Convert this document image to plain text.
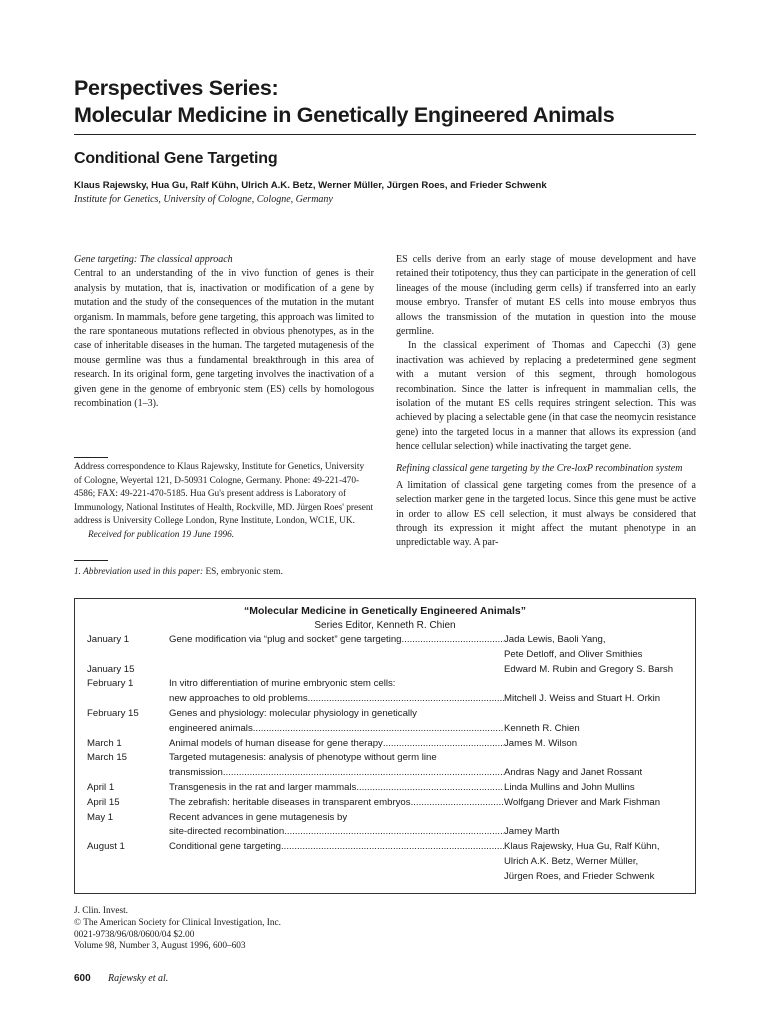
Perspectives Series:
Molecular Medicine in Genetically Engineered Animals
Conditional Gene Targeting
Klaus Rajewsky, Hua Gu, Ralf Kühn, Ulrich A.K. Betz, Werner Müller, Jürgen Roes, and Frieder Schwenk
Institute for Genetics, University of Cologne, Cologne, Germany

Gene targeting: The classical approach

Central to an understanding of the in vivo function of genes is their analysis by mutation, that is, inactivation or modification of a gene by mutation and the study of the consequences of the mutation in the mutant organism. In mammals, before gene targeting, this approach was limited to the rare spontaneous mutations reflected in obvious phenotypes, as in the case of inheritable diseases in the human. The targeted mutagenesis of the mouse germline was thus a fundamental breakthrough in this area of research. In its original form, gene targeting involves the inactivation of a given gene in the genome of embryonic stem (ES) cells by homologous recombination (1–3).

ES cells derive from an early stage of mouse development and have retained their totipotency, thus they can participate in the generation of cell lineages of the mouse (including germ cells) if transferred into an early mouse embryo. Transfer of mutant ES cells into mouse embryos thus allows the transmission of the mutation in question into the mouse germline.

In the classical experiment of Thomas and Capecchi (3) gene inactivation was achieved by replacing a predetermined gene segment with a mutant version of this segment, through homologous recombination. Since the latter is infrequent in mammalian cells, the isolation of the mutant ES cells requires stringent selection. This was achieved by placing a selectable gene (in that case the neomycin resistance gene) into the targeted locus in a manner that allows its expression (and hence cellular selection) while inactivating the target gene.

Refining classical gene targeting by the Cre-loxP recombination system

A limitation of classical gene targeting comes from the presence of a selection marker gene in the targeted locus. Since this gene must be active in order to allow ES cell selection, it must always be considered that through its expression it might affect the mutant phenotype in an unpredictable way. A par-

Address correspondence to Klaus Rajewsky, Institute for Genetics, University of Cologne, Weyertal 121, D-50931 Cologne, Germany. Phone: 49-221-470-4586; FAX: 49-221-470-5185. Hua Gu's present address is Laboratory of Immunology, National Institutes of Health, Rockville, MD. Jürgen Roes' present address is University College London, Ryne Institute, London, WC1E, UK.

Received for publication 19 June 1996.

1. Abbreviation used in this paper: ES, embryonic stem.
“Molecular Medicine in Genetically Engineered Animals”
Series Editor, Kenneth R. Chien
January 1	Gene modification via “plug and socket” gene targeting .....	Jada Lewis, Baoli Yang,
Pete Detloff, and Oliver Smithies
January 15	Edward M. Rubin and Gregory S. Barsh
February 1	In vitro differentiation of murine embryonic stem cells:
new approaches to old problems .....	Mitchell J. Weiss and Stuart H. Orkin
February 15	Genes and physiology: molecular physiology in genetically
engineered animals .....	Kenneth R. Chien
March 1	Animal models of human disease for gene therapy .....	James M. Wilson
March 15	Targeted mutagenesis: analysis of phenotype without germ line
transmission .....	Andras Nagy and Janet Rossant
April 1	Transgenesis in the rat and larger mammals .....	Linda Mullins and John Mullins
April 15	The zebrafish: heritable diseases in transparent embryos .....	Wolfgang Driever and Mark Fishman
May 1	Recent advances in gene mutagenesis by
site-directed recombination .....	Jamey Marth
August 1	Conditional gene targeting .....	Klaus Rajewsky, Hua Gu, Ralf Kühn,
Ulrich A.K. Betz, Werner Müller,
Jürgen Roes, and Frieder Schwenk
J. Clin. Invest.
© The American Society for Clinical Investigation, Inc.
0021-9738/96/08/0600/04 $2.00
Volume 98, Number 3, August 1996, 600–603
600 Rajewsky et al.
